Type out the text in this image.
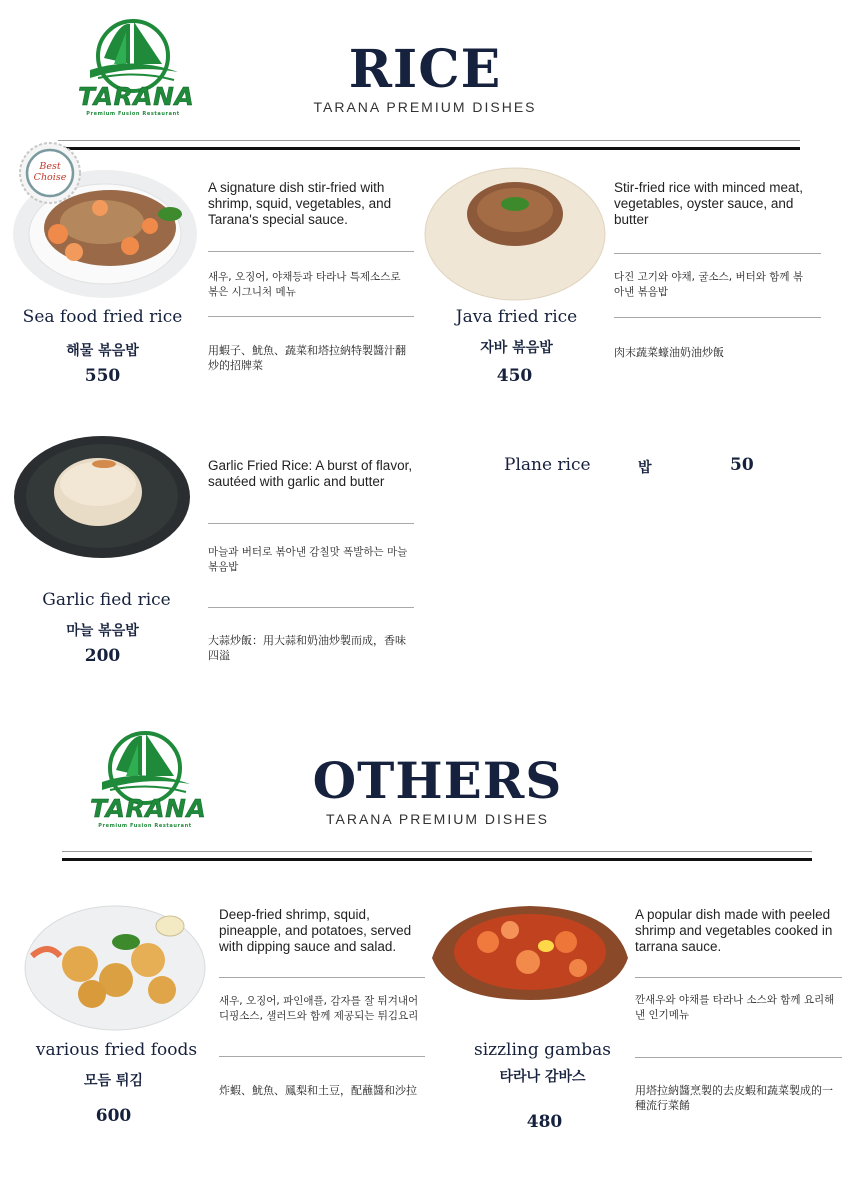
TARANA
Premium Fusion Restaurant
RICE
TARANA PREMIUM DISHES
Best Choise
A signature dish stir-fried with shrimp, squid, vegetables, and Tarana's special sauce.
새우, 오징어, 야채등과 타라나 특제소스로 볶은 시그니처 메뉴
用蝦子、魷魚、蔬菜和塔拉納特製醬汁翻炒的招牌菜
Sea food fried rice
해물 볶음밥
550
Stir-fried rice with minced meat, vegetables, oyster sauce, and butter
다진 고기와 야채, 굴소스, 버터와 함께 볶아낸 볶음밥
肉末蔬菜蠔油奶油炒飯
Java fried rice
자바 볶음밥
450
Garlic Fried Rice: A burst of flavor, sautéed with garlic and butter
마늘과 버터로 볶아낸 감칠맛 폭발하는 마늘 볶음밥
大蒜炒飯：用大蒜和奶油炒製而成，香味四溢
Garlic fied rice
마늘 볶음밥
200
Plane rice	밥	50
TARANA
Premium Fusion Restaurant
OTHERS
TARANA PREMIUM DISHES
Deep-fried shrimp, squid, pineapple, and potatoes, served with dipping sauce and salad.
새우, 오징어, 파인애플, 감자를 잘 튀겨내어 디핑소스, 샐러드와 함께 제공되는 튀김요리
炸蝦、魷魚、鳳梨和土豆，配蘸醬和沙拉
various fried foods
모듬 튀김
600
A popular dish made with peeled shrimp and vegetables cooked in tarrana sauce.
깐새우와 야채를 타라나 소스와 함께 요리해낸 인기메뉴
用塔拉納醬烹製的去皮蝦和蔬菜製成的一種流行菜餚
sizzling gambas
타라나 감바스
480
